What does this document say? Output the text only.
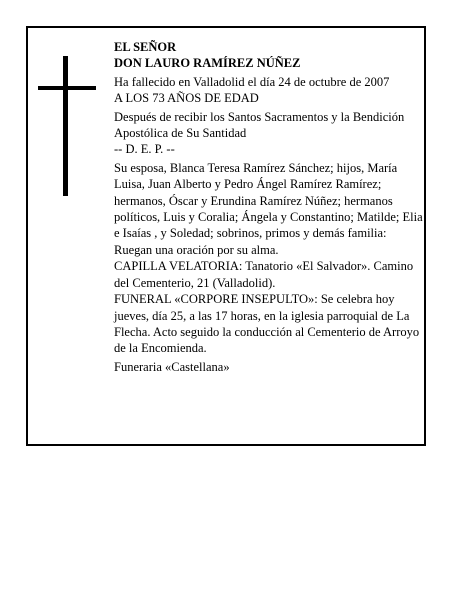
EL SEÑOR

DON LAURO RAMÍREZ NÚÑEZ

Ha fallecido en Valladolid el día 24 de octubre de 2007

A LOS 73 AÑOS DE EDAD

Después de recibir los Santos Sacramentos y la Bendición Apostólica de Su Santidad

-- D. E. P. --

Su esposa, Blanca Teresa Ramírez Sánchez; hijos, María Luisa, Juan Alberto y Pedro Ángel Ramírez Ramírez; hermanos, Óscar y Erundina Ramírez Núñez; hermanos políticos, Luis y Coralia; Ángela y Constantino; Matilde; Elia e Isaías , y Soledad; sobrinos, primos y demás familia:

Ruegan una oración por su alma.

CAPILLA VELATORIA: Tanatorio «El Salvador». Camino del Cementerio, 21 (Valladolid).

FUNERAL «CORPORE INSEPULTO»: Se celebra hoy jueves, día 25, a las 17 horas, en la iglesia parroquial de La Flecha. Acto seguido la conducción al Cementerio de Arroyo de la Encomienda.

Funeraria «Castellana»
